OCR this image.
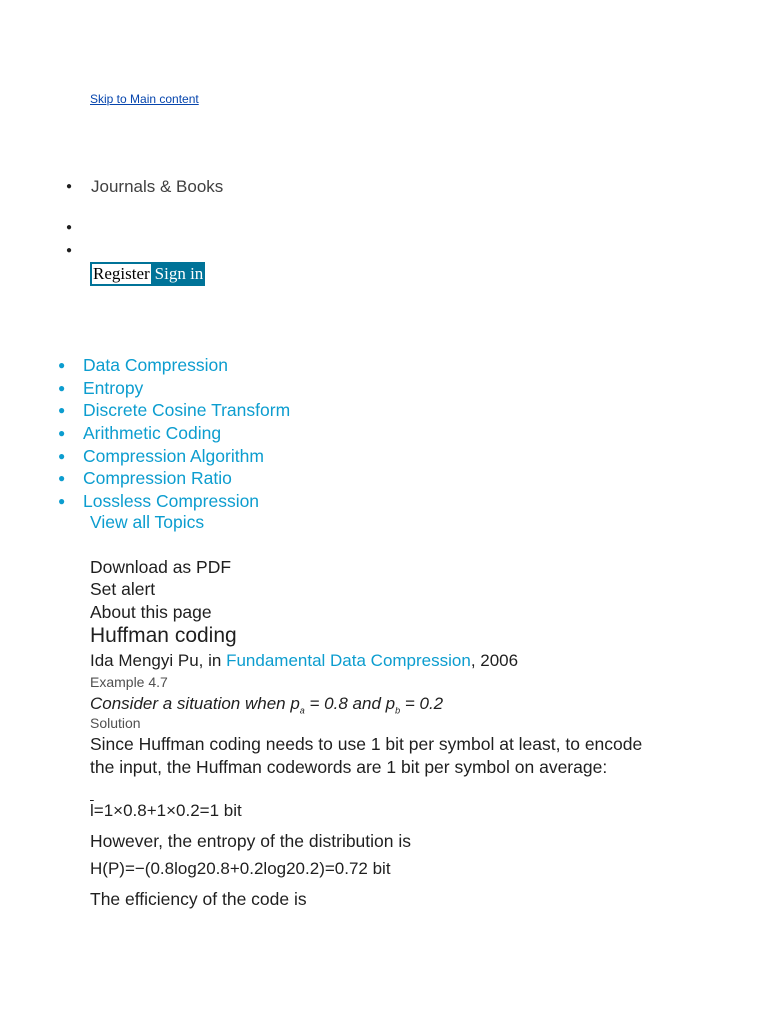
Skip to Main content
● Journals & Books
●
●
Register Sign in
●	Data Compression
●	Entropy
●	Discrete Cosine Transform
●	Arithmetic Coding
●	Compression Algorithm
●	Compression Ratio
●	Lossless Compression
View all Topics
Download as PDF
Set alert
About this page
Huffman coding
Ida Mengyi Pu, in Fundamental Data Compression, 2006
Example 4.7
Consider a situation when $p_a = 0.8$ and $p_b = 0.2$
Solution
Since Huffman coding needs to use 1 bit per symbol at least, to encode the input, the Huffman codewords are 1 bit per symbol on average:
$\overline{l}=1\times 0.8+1\times 0.2=1$ bit
However, the entropy of the distribution is
H(P)=−(0.8log20.8+0.2log20.2)=0.72 bit
The efficiency of the code is
